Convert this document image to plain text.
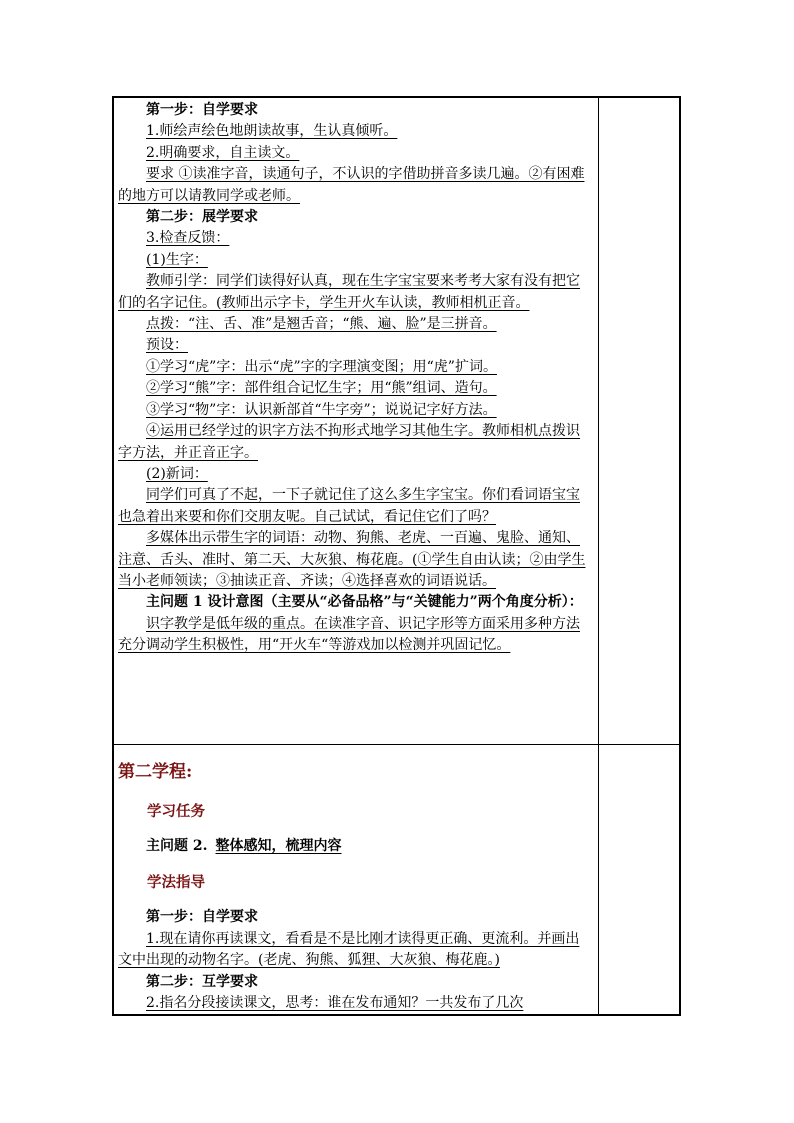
第一步：自学要求

1.师绘声绘色地朗读故事，生认真倾听。

2.明确要求，自主读文。

要求 ①读准字音，读通句子，不认识的字借助拼音多读几遍。②有困难的地方可以请教同学或老师。

第二步：展学要求

3.检查反馈：

(1)生字：

教师引学：同学们读得好认真，现在生字宝宝要来考考大家有没有把它们的名字记住。(教师出示字卡，学生开火车认读，教师相机正音。

点拨：“注、舌、准”是翘舌音；“熊、遍、脸”是三拼音。

预设：

①学习“虎”字：出示“虎”字的字理演变图；用“虎”扩词。

②学习“熊”字：部件组合记忆生字；用“熊”组词、造句。

③学习“物”字：认识新部首“牛字旁”；说说记字好方法。

④运用已经学过的识字方法不拘形式地学习其他生字。教师相机点拨识字方法，并正音正字。

(2)新词：

同学们可真了不起，一下子就记住了这么多生字宝宝。你们看词语宝宝也急着出来要和你们交朋友呢。自己试试，看记住它们了吗？

多媒体出示带生字的词语：动物、狗熊、老虎、一百遍、鬼脸、通知、注意、舌头、准时、第二天、大灰狼、梅花鹿。(①学生自由认读；②由学生当小老师领读；③抽读正音、齐读；④选择喜欢的词语说话。

主问题 1 设计意图（主要从“必备品格”与“关键能力”两个角度分析）：

识字教学是低年级的重点。在读准字音、识记字形等方面采用多种方法充分调动学生积极性，用“开火车“等游戏加以检测并巩固记忆。

第二学程:

学习任务

主问题 2. 整体感知，梳理内容

学法指导

第一步：自学要求

1.现在请你再读课文，看看是不是比刚才读得更正确、更流利。并画出文中出现的动物名字。(老虎、狗熊、狐狸、大灰狼、梅花鹿。)

第二步：互学要求

2.指名分段接读课文，思考：谁在发布通知？一共发布了几次
